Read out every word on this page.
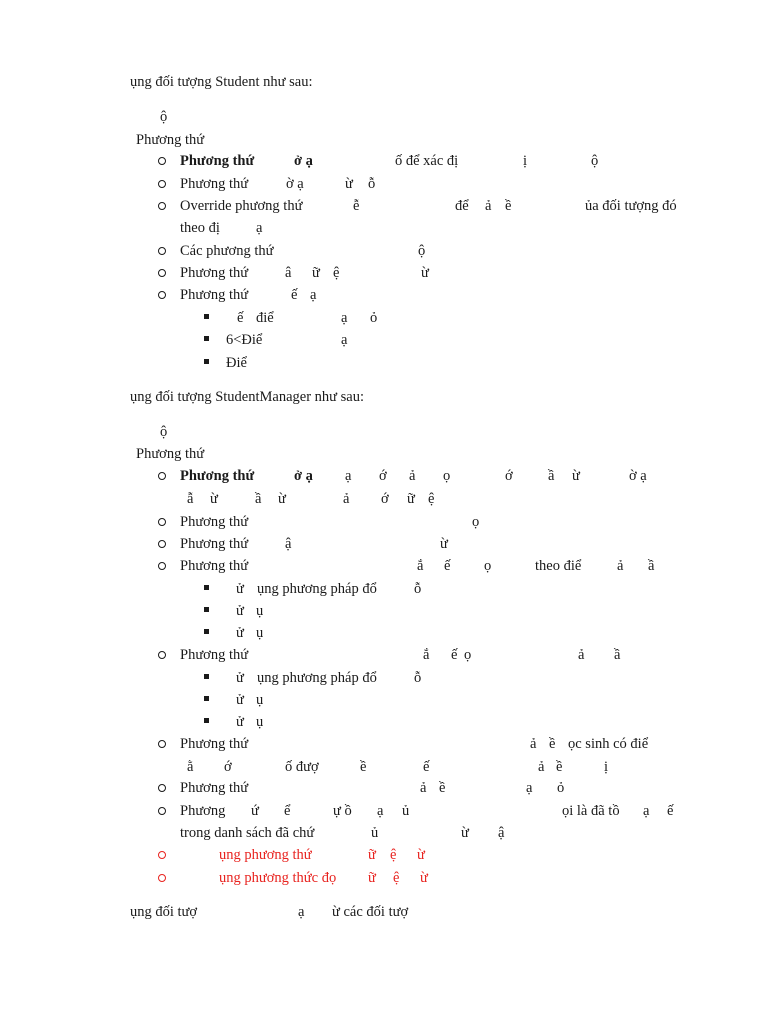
ụng đối tượng Student như sau:
ộ
Phương thứ
Phương thứ	ở ạ	ố để xác đị	ị	ộ
Phương thứ	ờ ạ	ừ ỗ
Override phương thứ	ễ	để ả ề	ủa đối tượng đó
theo đị ạ
Các phương thứ	ộ
Phương thứ	â ữ ệ	ừ
Phương thứ	ế ạ
ế điể	ạ ỏ
6<Điể	ạ
Điể
ụng đối tượng StudentManager như sau:
ộ
Phương thứ
Phương thứ	ở ạ ạ ớ ả ọ	ớ ầ ừ	ờ ạ
ẫ ừ	ầ ừ	ả ớ ữ ệ
Phương thứ	ọ
Phương thứ	ậ	ừ
Phương thứ	ắ ế ọ	theo điể ả ầ
ử ụng phương pháp đổ	ỗ
ử ụ
ử ụ
Phương thứ	ắ ế ọ	ả ầ
ử ụng phương pháp đổ	ỗ
ử ụ
ử ụ
Phương thứ	ả ề ọc sinh có điể
ằ ớ	ố đượ	ề	ế	ả ề	ị
Phương thứ	ả ề	ạ ỏ
Phương ứ ể	ự ồ ạ ủ	ọi là đã tồ ạ ế
trong danh sách đã chứ	ủ	ừ ậ
ụng phương thứ	ữ ệ ừ
ụng phương thức đọ ữ ệ ừ
ụng đối tượ	ạ ừ các đối tượ
